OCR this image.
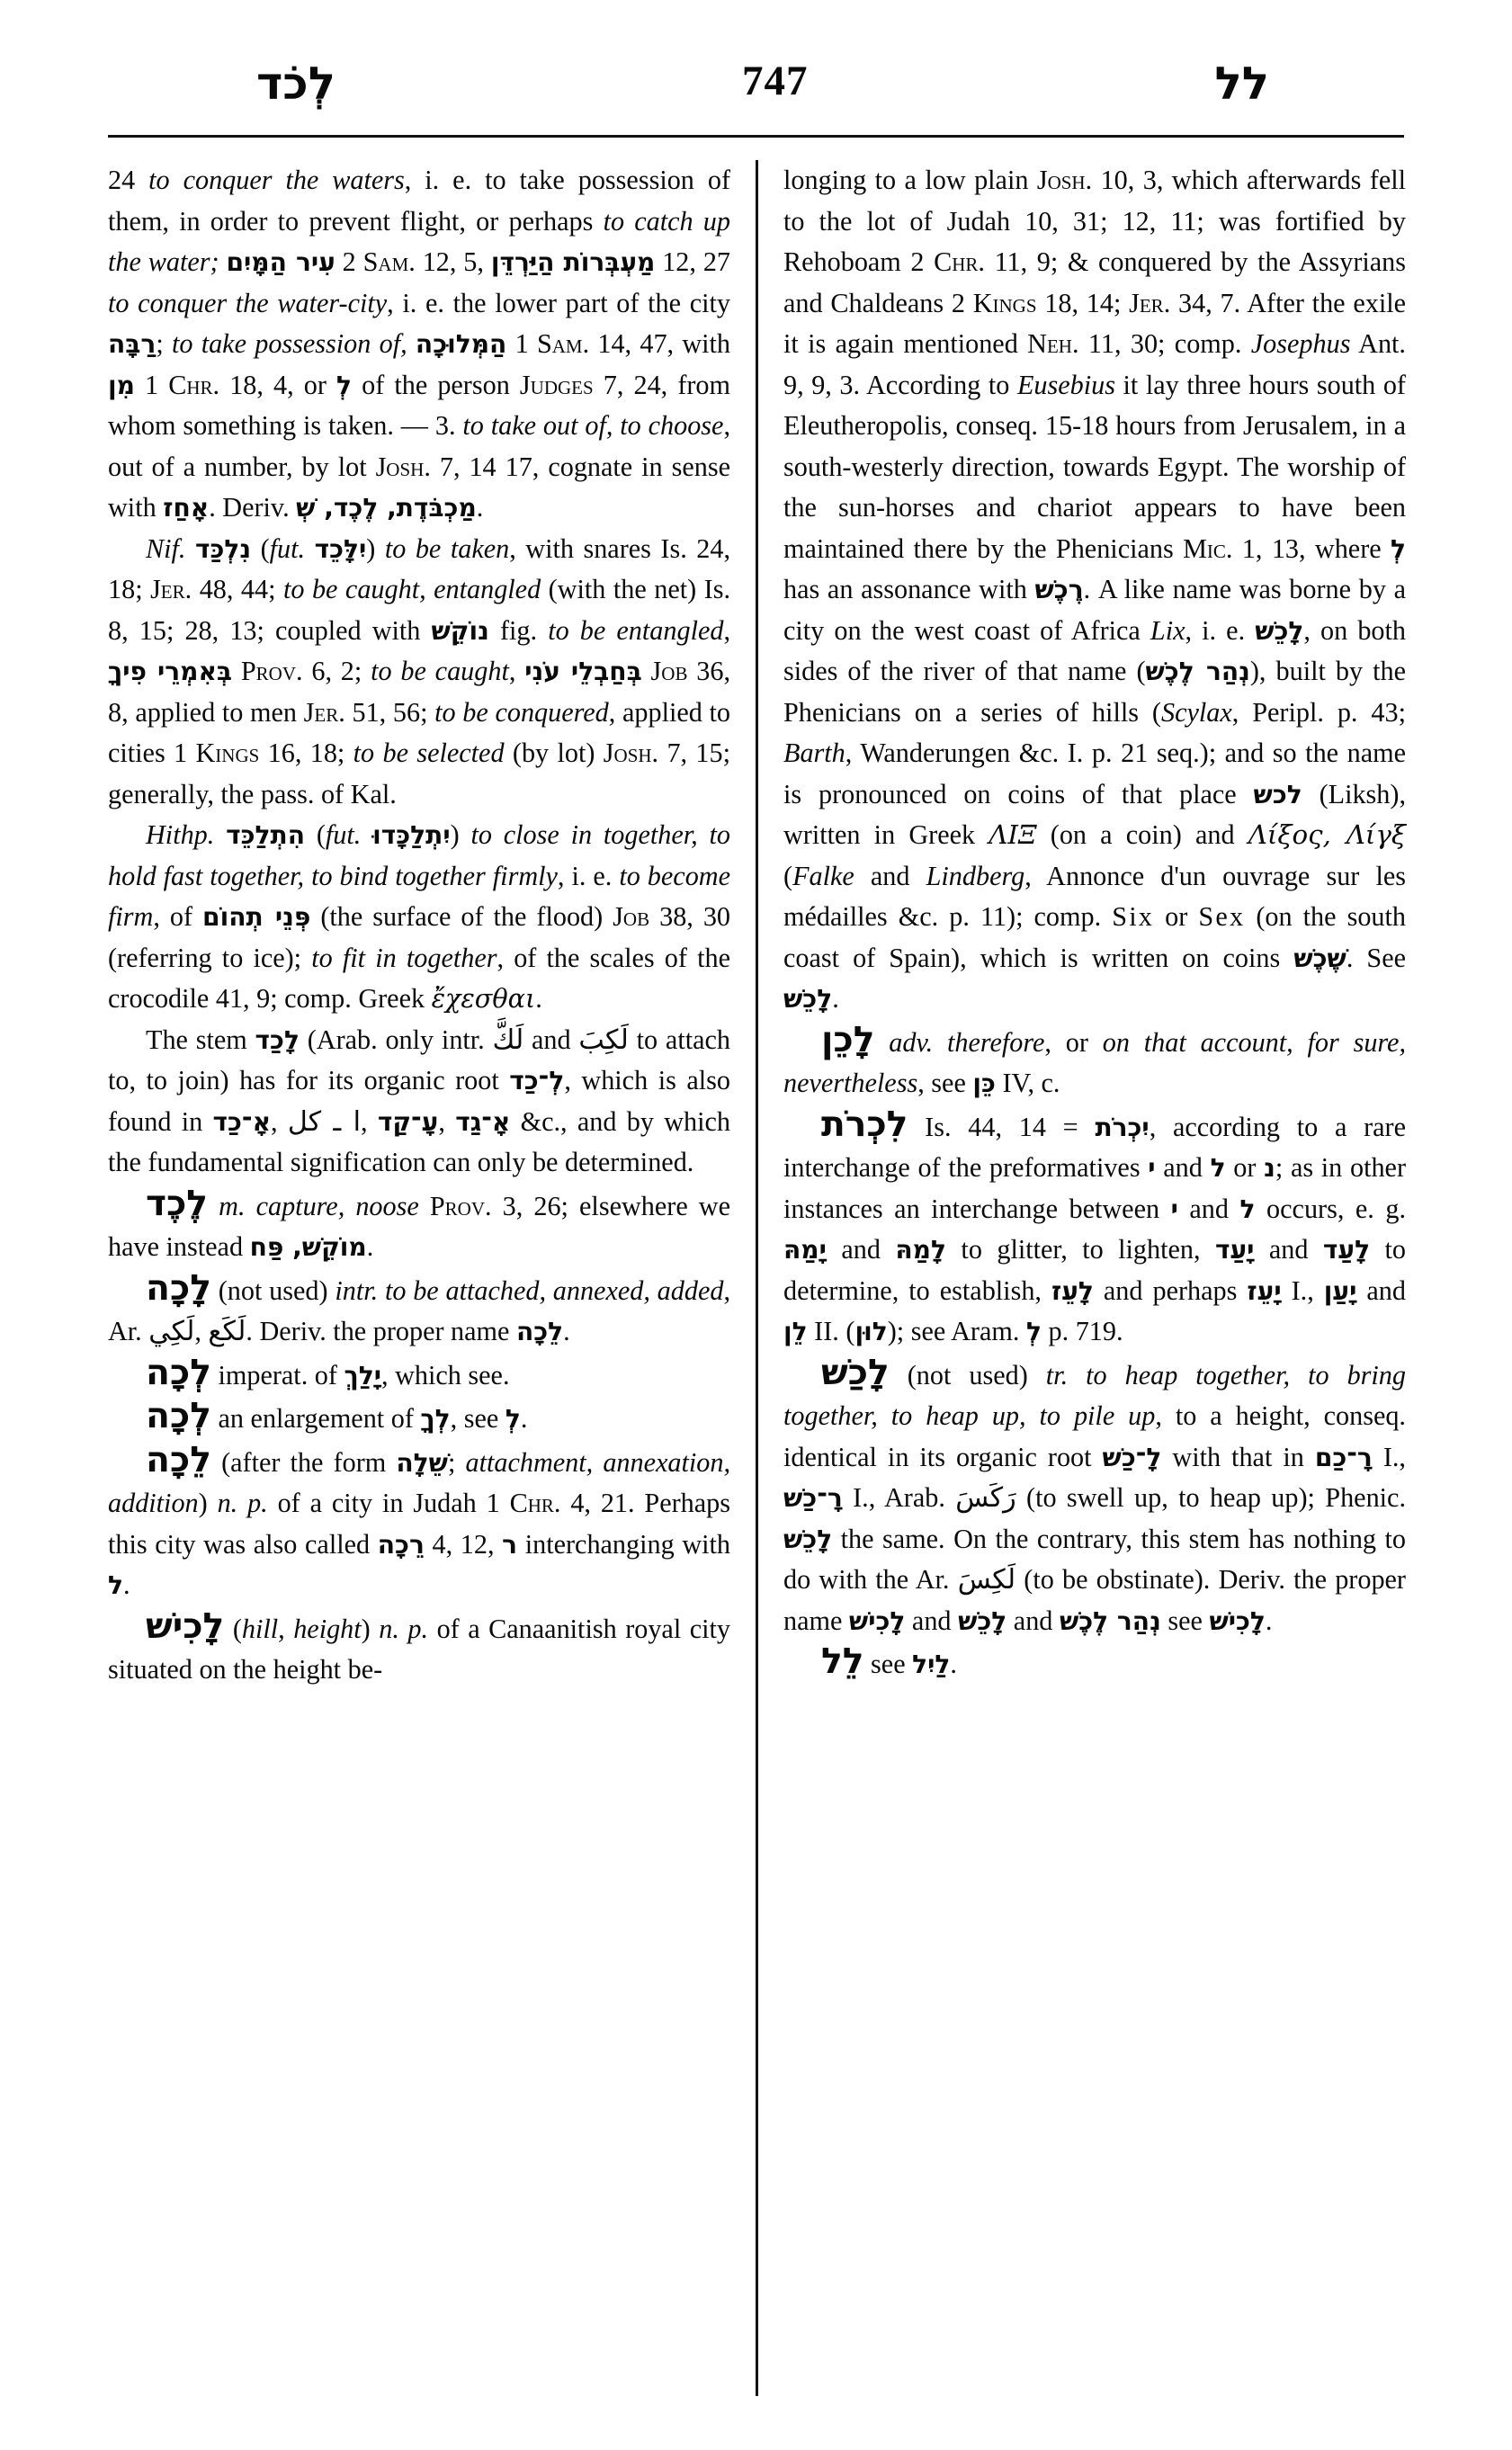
לְכֹד	747	לל

24 to conquer the waters, i. e. to take possession of them, in order to prevent flight, or perhaps to catch up the water; עִיר הַמָּיִם 2 Sam. 12, 5, מַעְבְּרוֹת הַיַּרְדֵּן 12, 27 to conquer the water-city, i. e. the lower part of the city רַבָּה; to take possession of, הַמְּלוּכָה 1 Sam. 14, 47, with מִן 1 Chr. 18, 4, or לְ of the person Judges 7, 24, from whom something is taken. — 3. to take out of, to choose, out of a number, by lot Josh. 7, 14 17, cognate in sense with אָחַז. Deriv. מַכְבֹּדֶת, לֶכֶד, שְׁ.

Nif. נִלְכַּד (fut. יִלָּכֵד) to be taken, with snares Is. 24, 18; Jer. 48, 44; to be caught, entangled (with the net) Is. 8, 15; 28, 13; coupled with נוֹקֵשׁ fig. to be entangled, בְּאִמְרֵי פִיךָ Prov. 6, 2; to be caught, בְּחַבְלֵי עֹנִי Job 36, 8, applied to men Jer. 51, 56; to be conquered, applied to cities 1 Kings 16, 18; to be selected (by lot) Josh. 7, 15; generally, the pass. of Kal.

Hithp. הִתְלַכֵּד (fut. יִתְלַכָּדוּ) to close in together, to hold fast together, to bind together firmly, i. e. to become firm, of פְּנֵי תְהוֹם (the surface of the flood) Job 38, 30 (referring to ice); to fit in together, of the scales of the crocodile 41, 9; comp. Greek ἔχεσθαι.

The stem לָכַד (Arab. only intr. لَكَّ and لَكِبَ to attach to, to join) has for its organic root לְ־כַד, which is also found in אָ־כַד, ا ـ كل, עָ־קַד, אָ־גַד &c., and by which the fundamental signification can only be determined.

לֶכֶד m. capture, noose Prov. 3, 26; elsewhere we have instead מוֹקֵשׁ, פַּח.

לָכָה (not used) intr. to be attached, annexed, added, Ar. لَكِي, لَكَع. Deriv. the proper name לֵכָה.

לְכָה imperat. of יָלַךְ, which see.

לְכָה an enlargement of לְךָ, see לְ.

לֵכָה (after the form שֵׁלָה; attachment, annexation, addition) n. p. of a city in Judah 1 Chr. 4, 21. Perhaps this city was also called רֵכָה 4, 12, ר interchanging with ל.

לָכִישׁ (hill, height) n. p. of a Canaanitish royal city situated on the height be-

longing to a low plain Josh. 10, 3, which afterwards fell to the lot of Judah 10, 31; 12, 11; was fortified by Rehoboam 2 Chr. 11, 9; & conquered by the Assyrians and Chaldeans 2 Kings 18, 14; Jer. 34, 7. After the exile it is again mentioned Neh. 11, 30; comp. Josephus Ant. 9, 9, 3. According to Eusebius it lay three hours south of Eleutheropolis, conseq. 15-18 hours from Jerusalem, in a south-westerly direction, towards Egypt. The worship of the sun-horses and chariot appears to have been maintained there by the Phenicians Mic. 1, 13, where לְ has an assonance with רֶכֶשׁ. A like name was borne by a city on the west coast of Africa Lix, i. e. לָכֵשׁ, on both sides of the river of that name (נְהַר לֶכֶשׁ), built by the Phenicians on a series of hills (Scylax, Peripl. p. 43; Barth, Wanderungen &c. I. p. 21 seq.); and so the name is pronounced on coins of that place לכש (Liksh), written in Greek ΛΙΞ (on a coin) and Λίξος, Λίγξ (Falke and Lindberg, Annonce d'un ouvrage sur les médailles &c. p. 11); comp. Six or Sex (on the south coast of Spain), which is written on coins שֶׁכֶשׁ. See לָכֵשׁ.

לָכֵן adv. therefore, or on that account, for sure, nevertheless, see כֵּן IV, c.

לִכְרֹת Is. 44, 14 = יִכְרֹת, according to a rare interchange of the preformatives י and ל or נ; as in other instances an interchange between י and ל occurs, e. g. יָמַהּ and לָמַהּ to glitter, to lighten, יָעַד and לָעַד to determine, to establish, לָעֵז and perhaps יָעֵז I., יָעַן and לֵן II. (לוּן); see Aram. לְ p. 719.

לָכַשׁ (not used) tr. to heap together, to bring together, to heap up, to pile up, to a height, conseq. identical in its organic root לָ־כַשׁ with that in רָ־כַם I., רָ־כַשׁ I., Arab. رَكَسَ (to swell up, to heap up); Phenic. לָכֵשׁ the same. On the contrary, this stem has nothing to do with the Ar. لَكِسَ (to be obstinate). Deriv. the proper name לָכִישׁ and לָכֵשׁ and נְהַר לֶכֶשׁ see לָכִישׁ.

לֵל see לַיִל.
